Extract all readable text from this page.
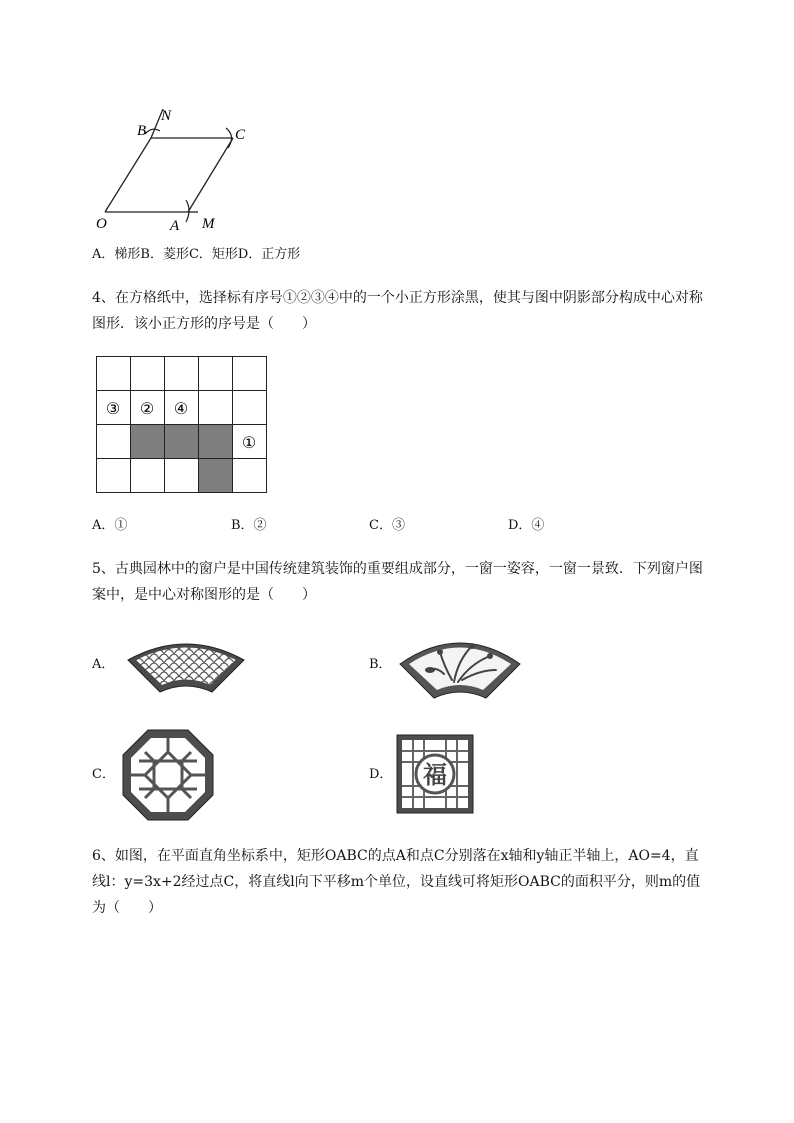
N
B	C
O	A M
A．梯形B．菱形C．矩形D．正方形
4、在方格纸中，选择标有序号①②③④中的一个小正方形涂黑，使其与图中阴影部分构成中心对称
图形．该小正方形的序号是（　　）
③ ② ④
①
A．①	B．②	C．③	D．④
5、古典园林中的窗户是中国传统建筑装饰的重要组成部分，一窗一姿容，一窗一景致．下列窗户图
案中，是中心对称图形的是（　　）
A．	B．
C．	D． 福
6、如图，在平面直角坐标系中，矩形OABC的点A和点C分别落在x轴和y轴正半轴上，AO=4，直
线l：y=3x+2经过点C，将直线l向下平移m个单位，设直线可将矩形OABC的面积平分，则m的值
为（　　）
